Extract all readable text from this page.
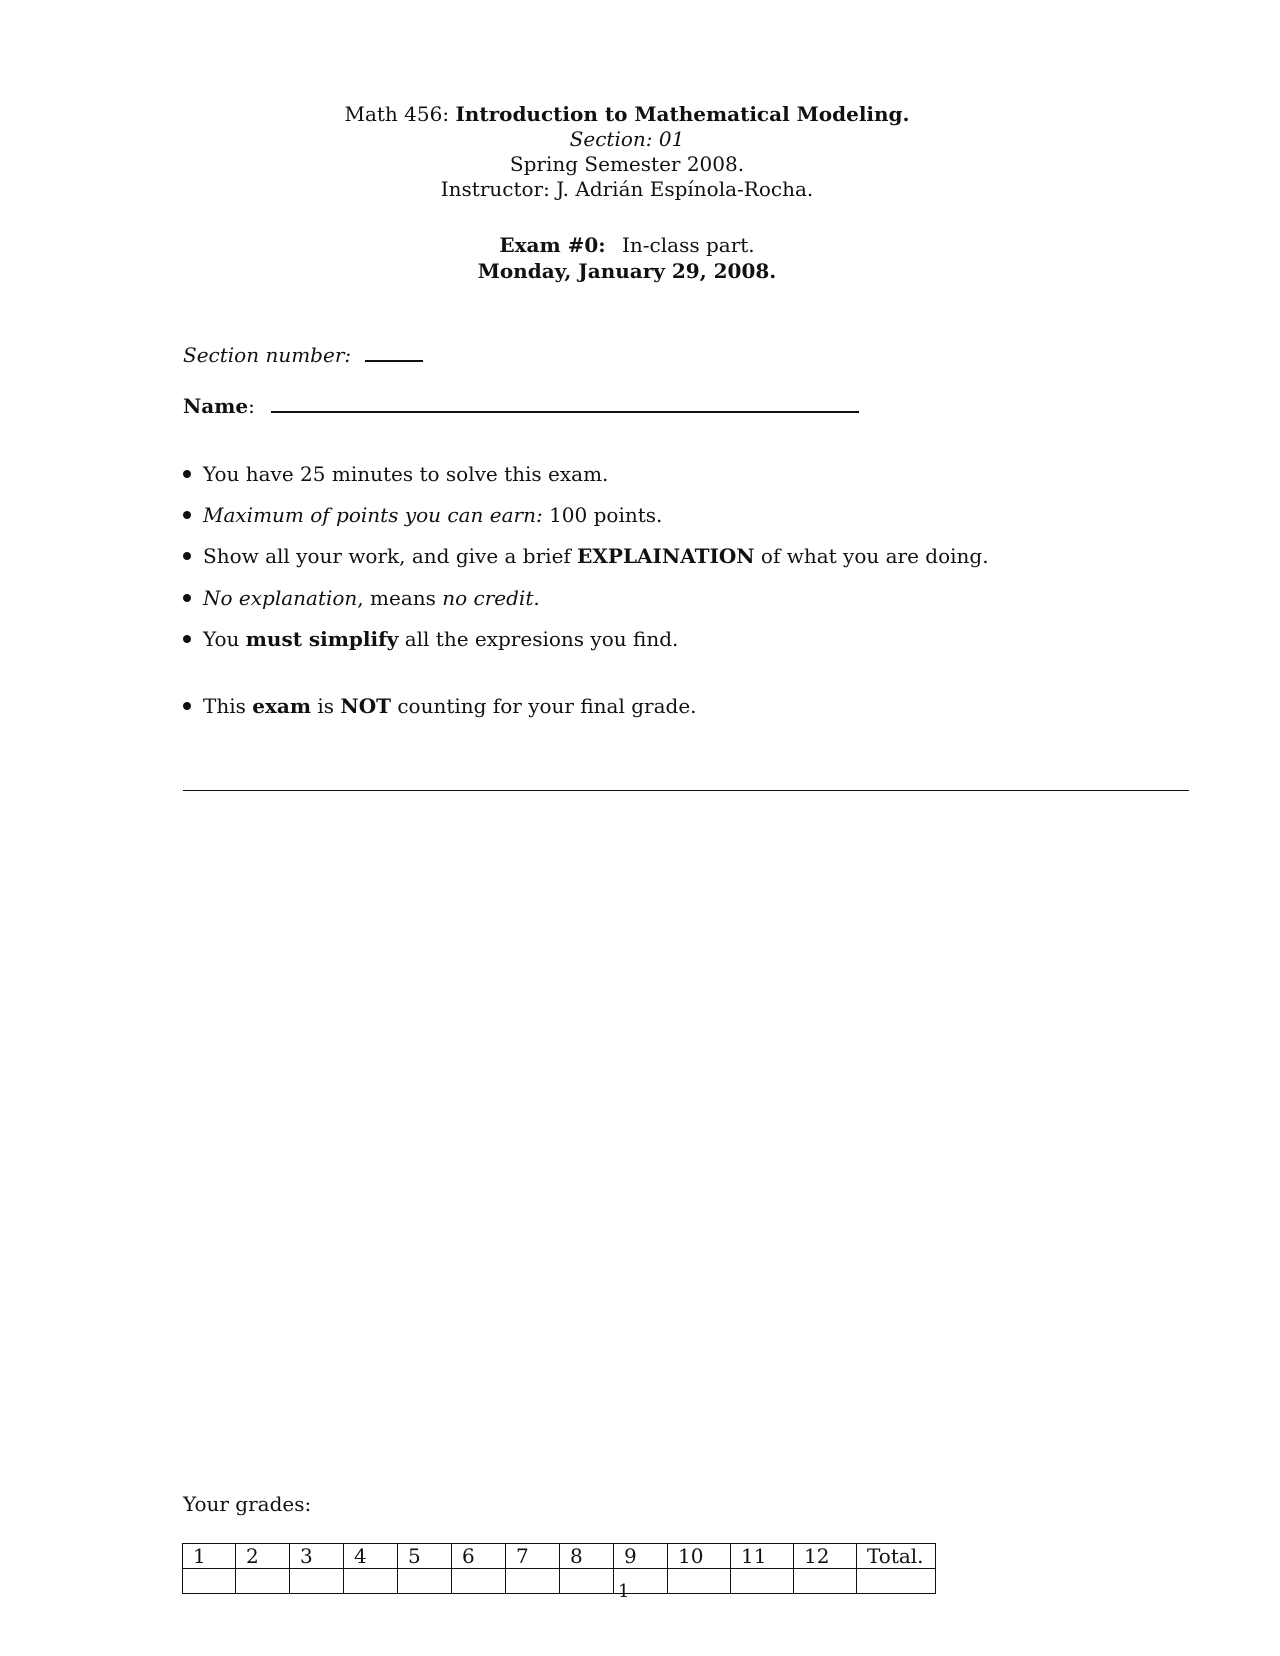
Math 456: Introduction to Mathematical Modeling.
Section: 01
Spring Semester 2008.
Instructor: J. Adrián Espínola-Rocha.
Exam #0: In-class part.
Monday, January 29, 2008.
Section number:
Name:
You have 25 minutes to solve this exam.
Maximum of points you can earn: 100 points.
Show all your work, and give a brief EXPLAINATION of what you are doing.
No explanation, means no credit.
You must simplify all the expresions you find.
This exam is NOT counting for your final grade.
Your grades:
1	2	3	4	5	6	7	8	9	10	11	12	Total.

1
